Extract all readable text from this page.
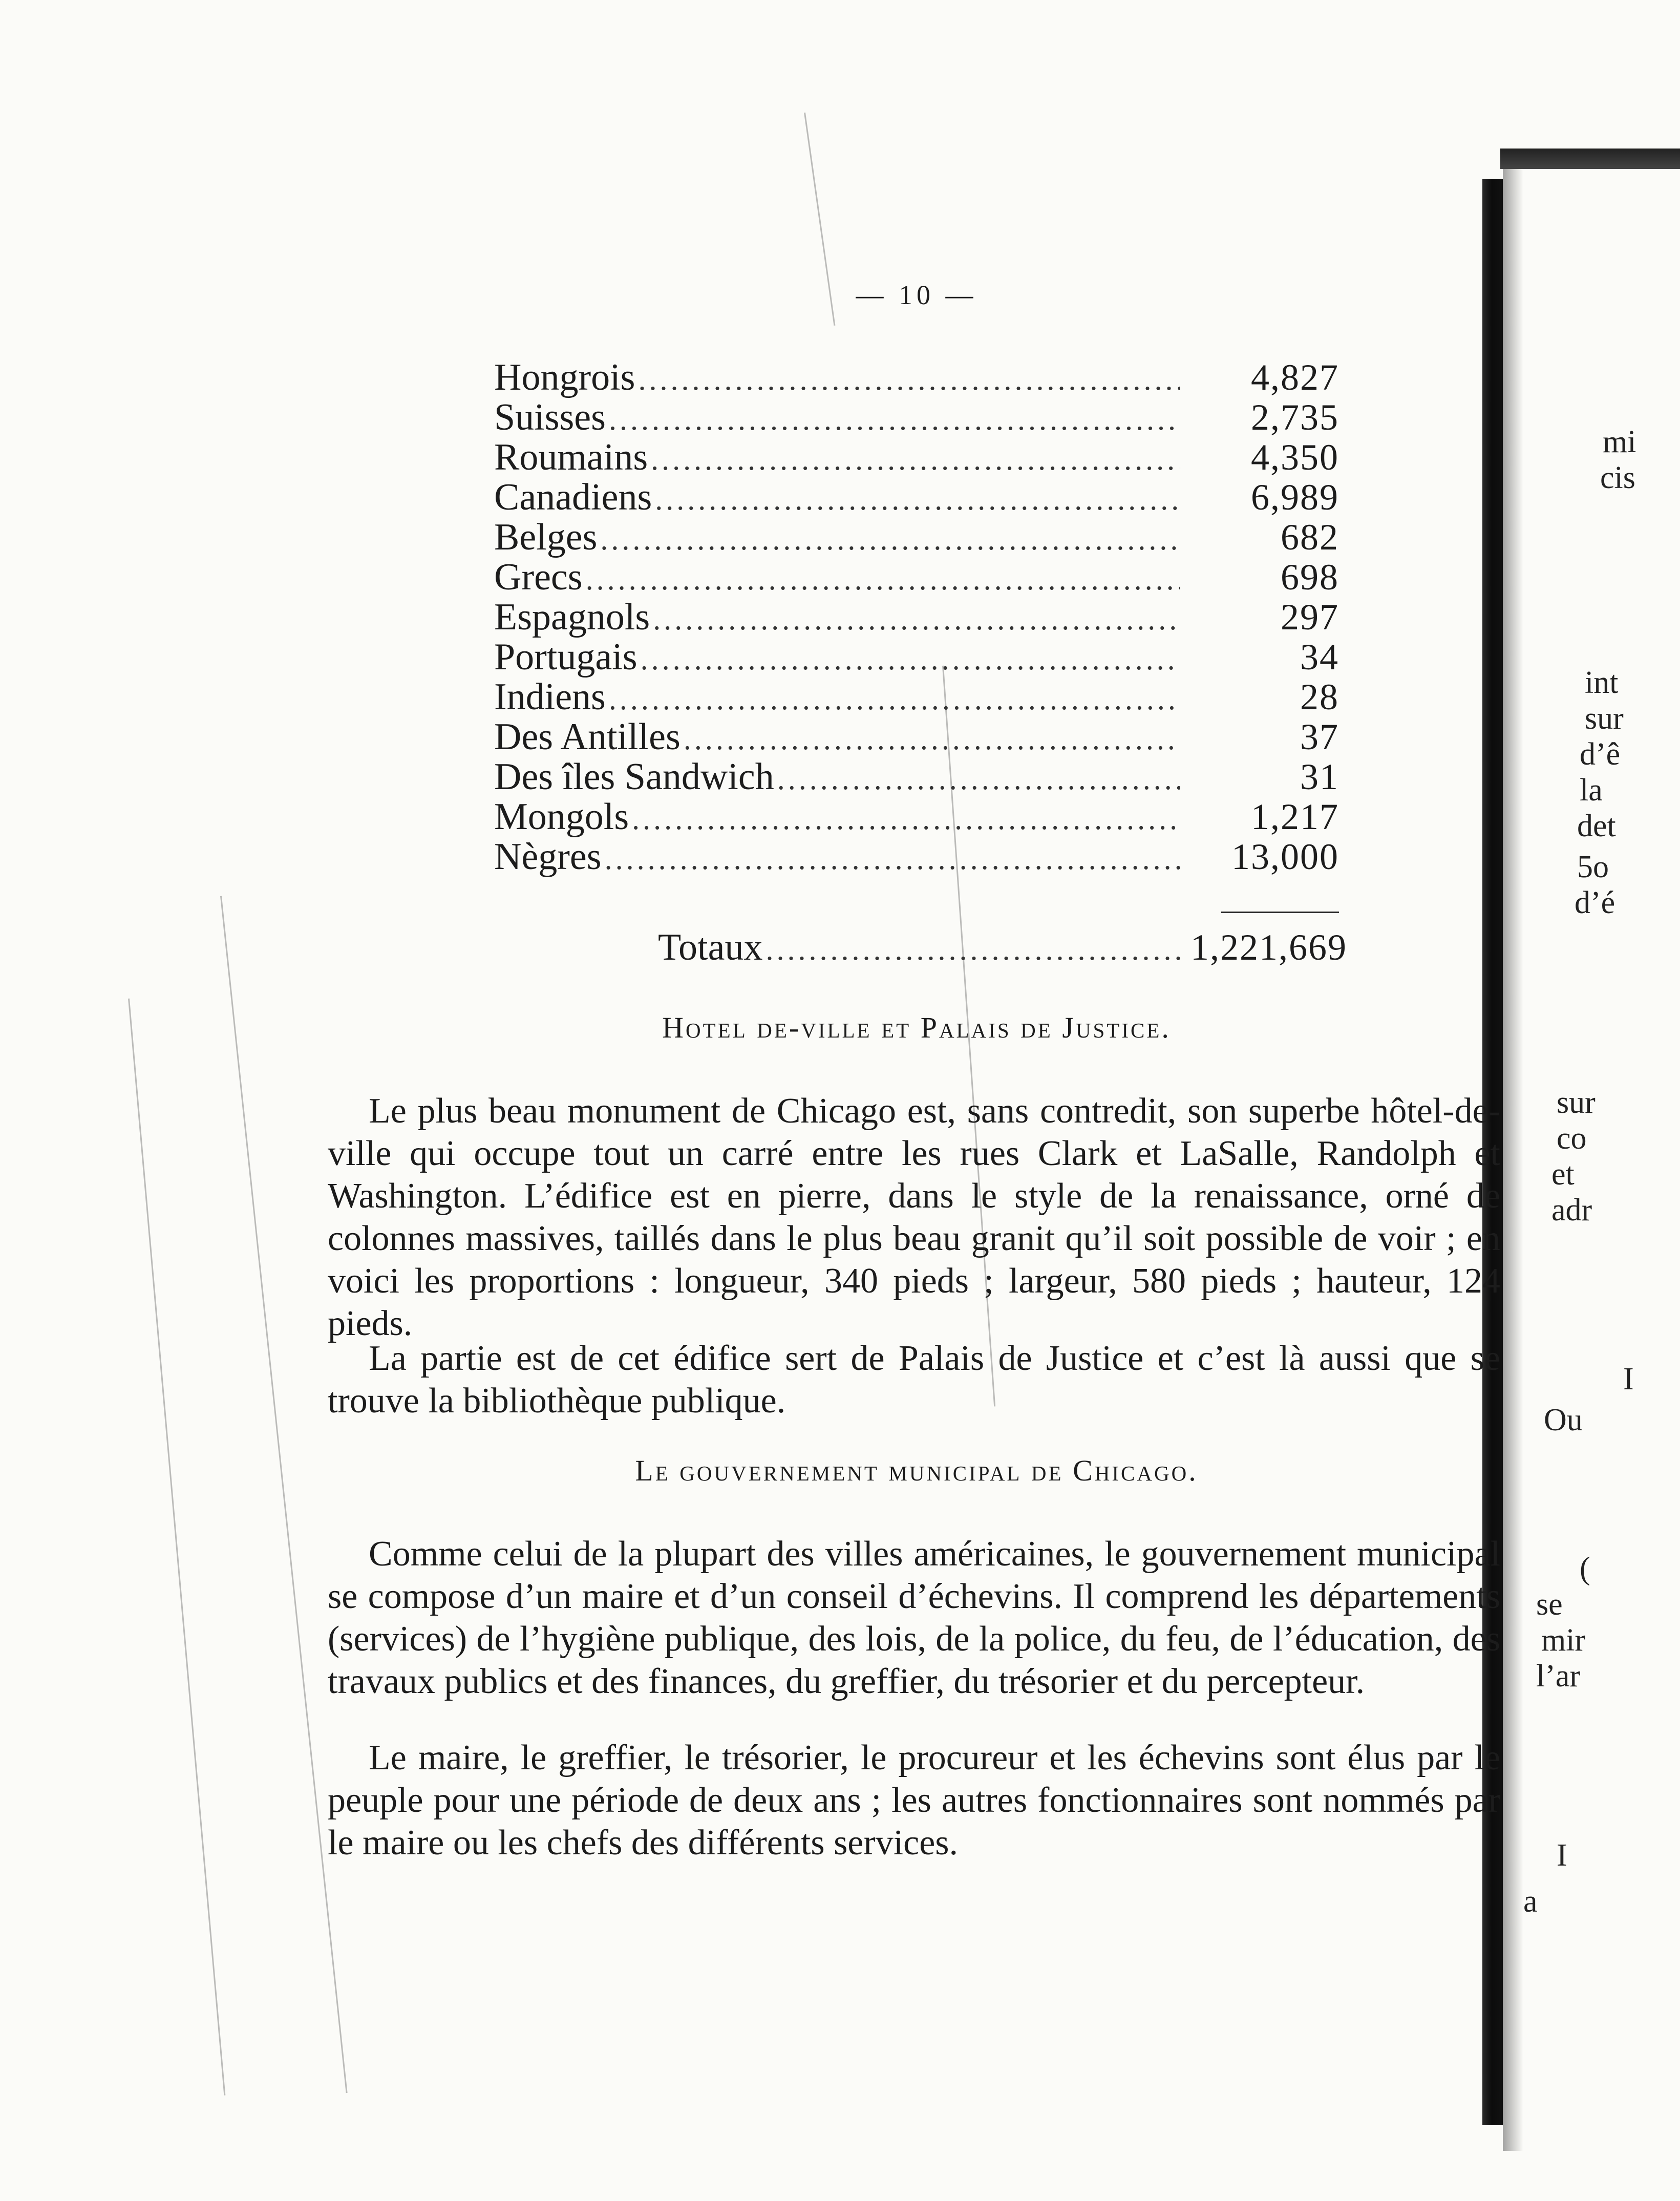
— 10 —
Hongrois .....	4,827
Suisses .....	2,735
Roumains .....	4,350
Canadiens .....	6,989
Belges .....	682
Grecs .....	698
Espagnols .....	297
Portugais .....	34
Indiens .....	28
Des Antilles .....	37
Des îles Sandwich .....	31
Mongols .....	1,217
Nègres .....	13,000
Totaux .....	1,221,669
Hotel de-ville et Palais de Justice.
Le plus beau monument de Chicago est, sans contredit, son superbe hôtel-de-ville qui occupe tout un carré entre les rues Clark et LaSalle, Randolph et Washington. L’édifice est en pierre, dans le style de la renaissance, orné de colonnes massives, taillés dans le plus beau granit qu’il soit possible de voir ; en voici les proportions : longueur, 340 pieds ; largeur, 580 pieds ; hauteur, 124 pieds.
La partie est de cet édifice sert de Palais de Justice et c’est là aussi que se trouve la bibliothèque publique.
Le gouvernement municipal de Chicago.
Comme celui de la plupart des villes américaines, le gouvernement municipal se compose d’un maire et d’un conseil d’échevins. Il comprend les départements (services) de l’hygiène publique, des lois, de la police, du feu, de l’éducation, des travaux publics et des finances, du greffier, du trésorier et du percepteur.
Le maire, le greffier, le trésorier, le procureur et les échevins sont élus par le peuple pour une période de deux ans ; les autres fonctionnaires sont nommés par le maire ou les chefs des différents services.
mi
cis
int
sur
d’ê
la
det
5o
d’é
sur
co
et
adr
I
Ou
(
se
mir
l’ar
I
a
